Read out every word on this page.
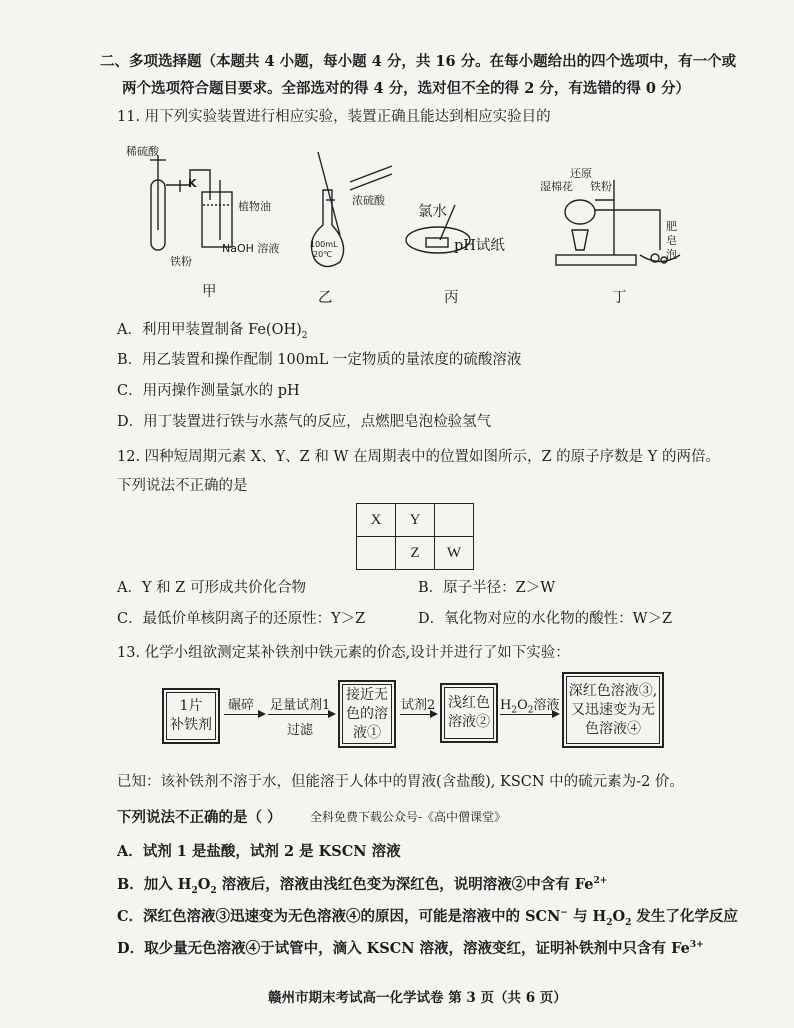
二、多项选择题（本题共 4 小题，每小题 4 分，共 16 分。在每小题给出的四个选项中，有一个或
两个选项符合题目要求。全部选对的得 4 分，选对但不全的得 2 分，有选错的得 0 分）
11. 用下列实验装置进行相应实验，装置正确且能达到相应实验目的
稀硫酸
K
植物油
NaOH 溶液
铁粉
浓硫酸
100mL
20℃
氯水
pH试纸
还原
铁粉
湿棉花
肥
皂
泡
甲	乙	丙	丁
A．利用甲装置制备 $Fe(OH)_2$
B．用乙装置和操作配制 100mL 一定物质的量浓度的硫酸溶液
C．用丙操作测量氯水的 pH
D．用丁装置进行铁与水蒸气的反应，点燃肥皂泡检验氢气
12. 四种短周期元素 X、Y、Z 和 W 在周期表中的位置如图所示，Z 的原子序数是 Y 的两倍。
下列说法不正确的是
X	Y	
	Z	W
A．Y 和 Z 可形成共价化合物	B．原子半径：Z＞W
C．最低价单核阴离子的还原性：Y＞Z	D．氧化物对应的水化物的酸性：W＞Z
13. 化学小组欲测定某补铁剂中铁元素的价态,设计并进行了如下实验：
1片
补铁剂
碾碎 足量试剂1
过滤
接近无
色的溶
液①
试剂2 浅红色
溶液②
$H_2O_2$溶液
深红色溶液③,
又迅速变为无
色溶液④
已知：该补铁剂不溶于水，但能溶于人体中的胃液(含盐酸), KSCN 中的硫元素为-2 价。
下列说法不正确的是（ ） 全科免费下载公众号-《高中僧课堂》
A．试剂 1 是盐酸，试剂 2 是 KSCN 溶液
B．加入 $H_2O_2$ 溶液后，溶液由浅红色变为深红色，说明溶液②中含有 $Fe^{2+}$
C．深红色溶液③迅速变为无色溶液④的原因，可能是溶液中的 SCN− 与 $H_2O_2$ 发生了化学反应
D．取少量无色溶液④于试管中，滴入 KSCN 溶液，溶液变红，证明补铁剂中只含有 $Fe^{3+}$
赣州市期末考试高一化学试卷 第 3 页（共 6 页）
